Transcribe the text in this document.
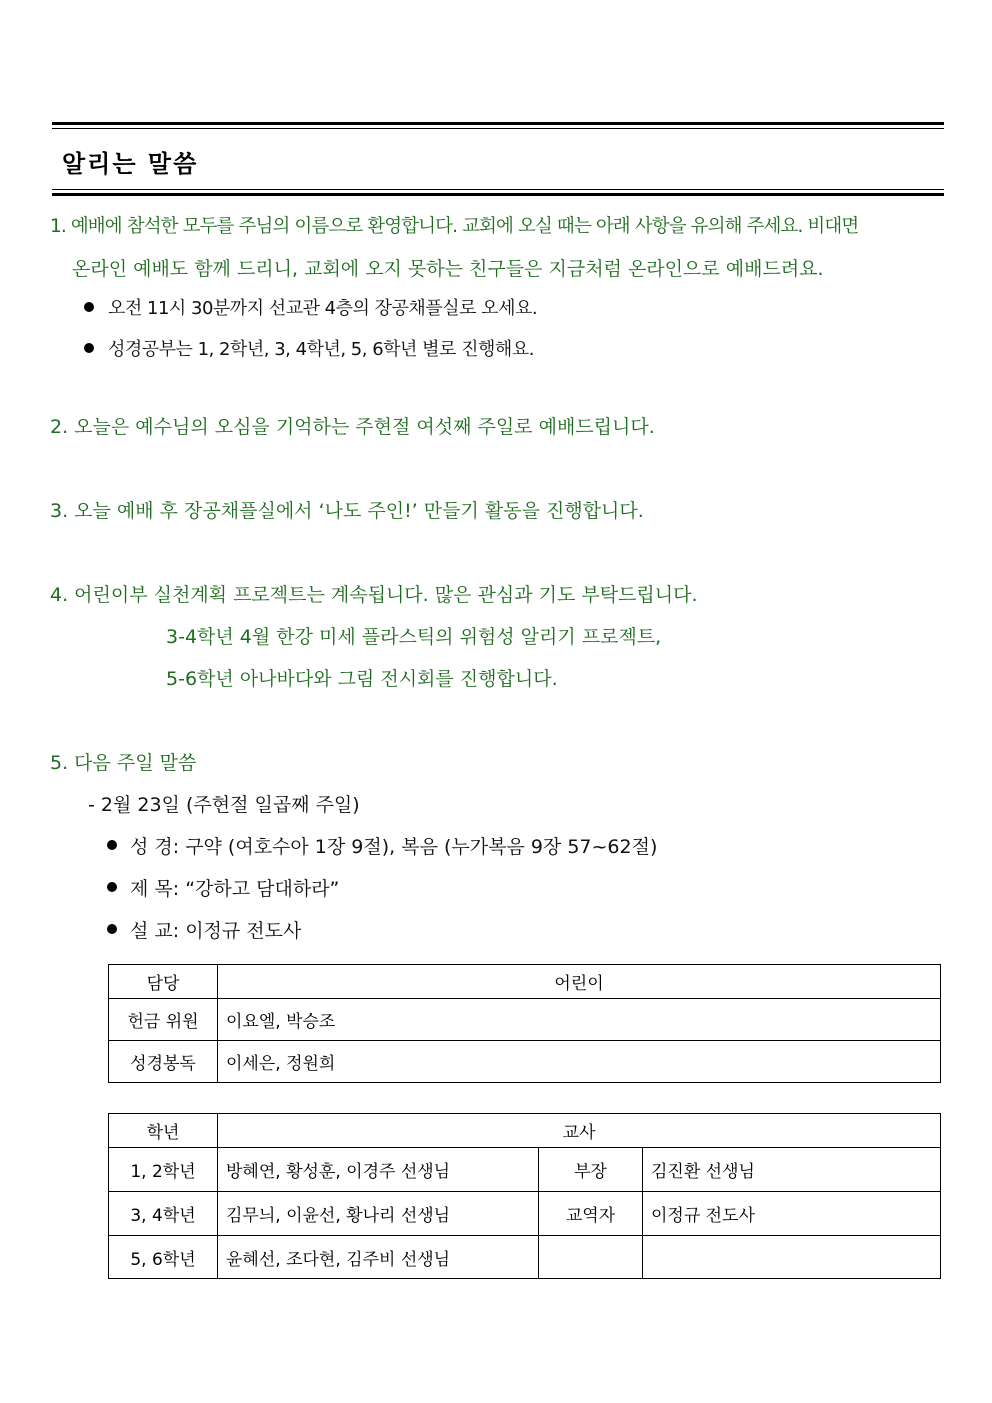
알리는 말씀
1. 예배에 참석한 모두를 주님의 이름으로 환영합니다. 교회에 오실 때는 아래 사항을 유의해 주세요. 비대면
온라인 예배도 함께 드리니, 교회에 오지 못하는 친구들은 지금처럼 온라인으로 예배드려요.
오전 11시 30분까지 선교관 4층의 장공채플실로 오세요.
성경공부는 1, 2학년, 3, 4학년, 5, 6학년 별로 진행해요.
2. 오늘은 예수님의 오심을 기억하는 주현절 여섯째 주일로 예배드립니다.
3. 오늘 예배 후 장공채플실에서 ‘나도 주인!’ 만들기 활동을 진행합니다.
4. 어린이부 실천계획 프로젝트는 계속됩니다. 많은 관심과 기도 부탁드립니다.
3-4학년 4월 한강 미세 플라스틱의 위험성 알리기 프로젝트,
5-6학년 아나바다와 그림 전시회를 진행합니다.
5. 다음 주일 말씀
- 2월 23일 (주현절 일곱째 주일)
성 경: 구약 (여호수아 1장 9절), 복음 (누가복음 9장 57~62절)
제 목: “강하고 담대하라”
설 교: 이정규 전도사
담당	어린이
헌금 위원	이요엘, 박승조
성경봉독	이세은, 정원희
학년	교사		
1, 2학년	방혜연, 황성훈, 이경주 선생님	부장	김진환 선생님
3, 4학년	김무늬, 이윤선, 황나리 선생님	교역자	이정규 전도사
5, 6학년	윤혜선, 조다현, 김주비 선생님		
